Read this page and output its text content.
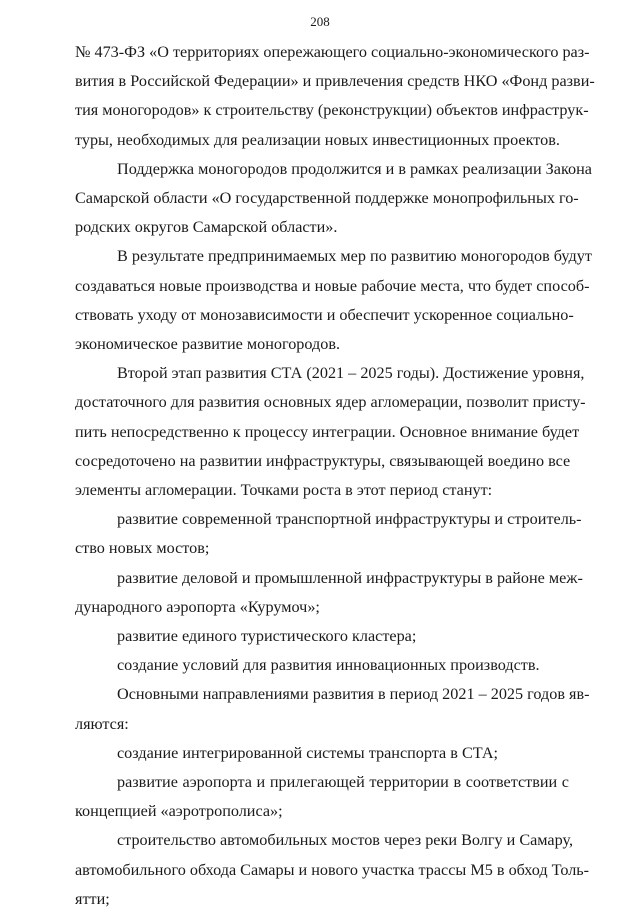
208

№ 473-ФЗ «О территориях опережающего социально-экономического раз-

вития в Российской Федерации» и привлечения средств НКО «Фонд разви-

тия моногородов» к строительству (реконструкции) объектов инфраструк-

туры, необходимых для реализации новых инвестиционных проектов.

Поддержка моногородов продолжится и в рамках реализации Закона

Самарской области «О государственной поддержке монопрофильных го-

родских округов Самарской области».

В результате предпринимаемых мер по развитию моногородов будут

создаваться новые производства и новые рабочие места, что будет способ-

ствовать уходу от монозависимости и обеспечит ускоренное социально-

экономическое развитие моногородов.

Второй этап развития СТА (2021 – 2025 годы). Достижение уровня,

достаточного для развития основных ядер агломерации, позволит присту-

пить непосредственно к процессу интеграции. Основное внимание будет

сосредоточено на развитии инфраструктуры, связывающей воедино все

элементы агломерации. Точками роста в этот период станут:

развитие современной транспортной инфраструктуры и строитель-

ство новых мостов;

развитие деловой и промышленной инфраструктуры в районе меж-

дународного аэропорта «Курумоч»;

развитие единого туристического кластера;

создание условий для развития инновационных производств.

Основными направлениями развития в период 2021 – 2025 годов яв-

ляются:

создание интегрированной системы транспорта в СТА;

развитие аэропорта и прилегающей территории в соответствии с

концепцией «аэротрополиса»;

строительство автомобильных мостов через реки Волгу и Самару,

автомобильного обхода Самары и нового участка трассы М5 в обход Толь-

ятти;
